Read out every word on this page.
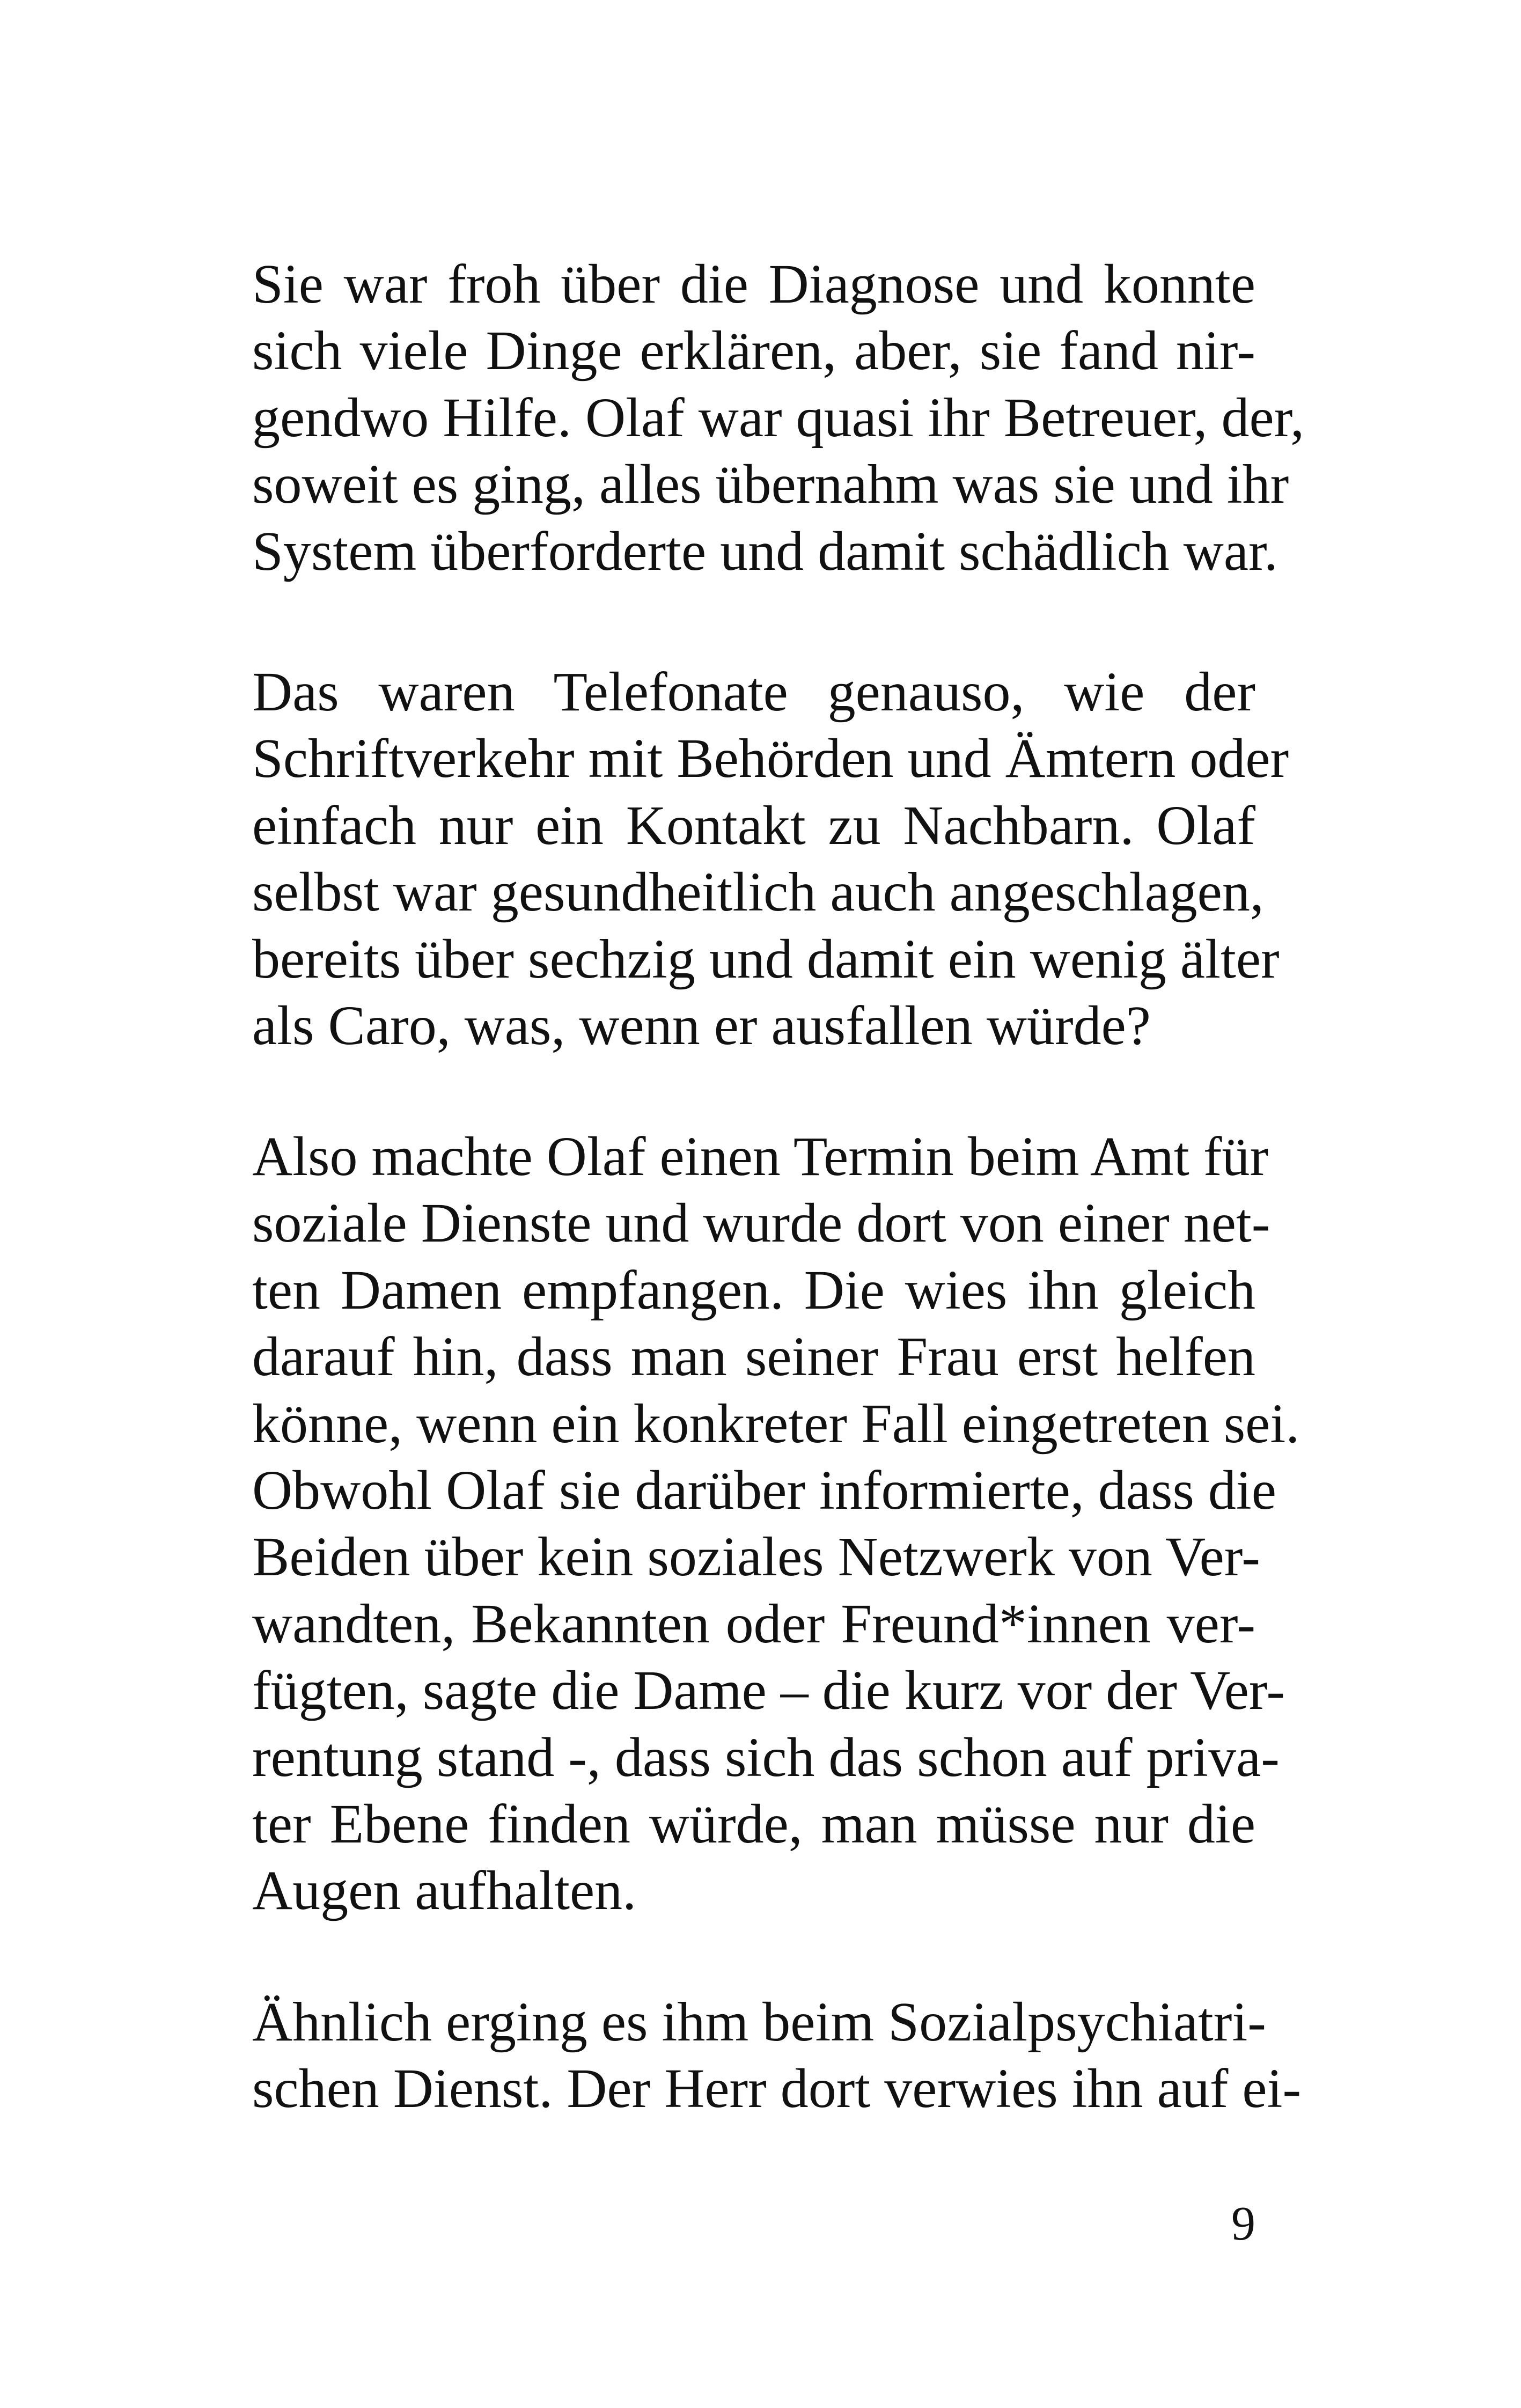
Sie war froh über die Diagnose und konnte
sich viele Dinge erklären, aber, sie fand nir-
gendwo Hilfe. Olaf war quasi ihr Betreuer, der,
soweit es ging, alles übernahm was sie und ihr
System überforderte und damit schädlich war.
Das waren Telefonate genauso, wie der
Schriftverkehr mit Behörden und Ämtern oder
einfach nur ein Kontakt zu Nachbarn. Olaf
selbst war gesundheitlich auch angeschlagen,
bereits über sechzig und damit ein wenig älter
als Caro, was, wenn er ausfallen würde?
Also machte Olaf einen Termin beim Amt für
soziale Dienste und wurde dort von einer net-
ten Damen empfangen. Die wies ihn gleich
darauf hin, dass man seiner Frau erst helfen
könne, wenn ein konkreter Fall eingetreten sei.
Obwohl Olaf sie darüber informierte, dass die
Beiden über kein soziales Netzwerk von Ver-
wandten, Bekannten oder Freund*innen ver-
fügten, sagte die Dame – die kurz vor der Ver-
rentung stand -, dass sich das schon auf priva-
ter Ebene finden würde, man müsse nur die
Augen aufhalten.
Ähnlich erging es ihm beim Sozialpsychiatri-
schen Dienst. Der Herr dort verwies ihn auf ei-
9
